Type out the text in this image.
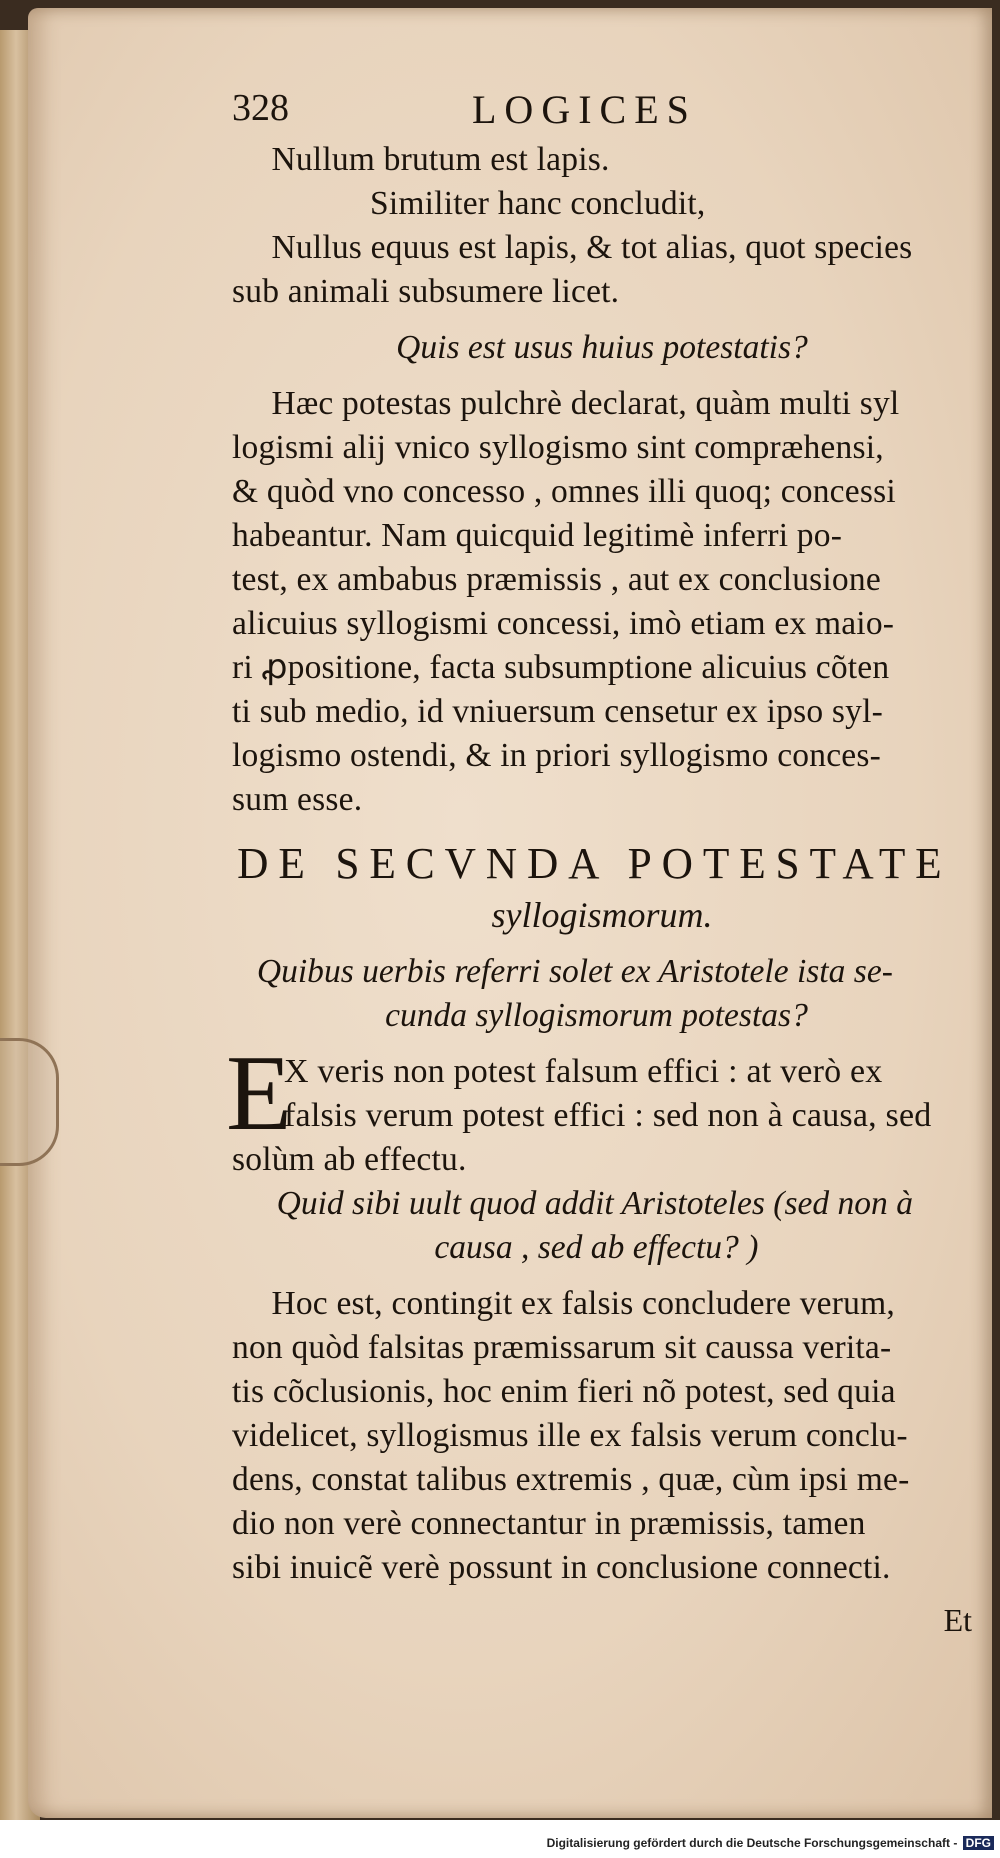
328	LOGICES
Nullum brutum est lapis.
Similiter hanc concludit,
Nullus equus est lapis, & tot alias, quot species
sub animali subsumere licet.
Quis est usus huius potestatis?
Hæc potestas pulchrè declarat, quàm multi syl
logismi alij vnico syllogismo sint compræhensi,
& quòd vno concesso , omnes illi quoq; concessi
habeantur. Nam quicquid legitimè inferri po-
test, ex ambabus præmissis , aut ex conclusione
alicuius syllogismi concessi, imò etiam ex maio-
ri ꝓpositione, facta subsumptione alicuius cõten
ti sub medio, id vniuersum censetur ex ipso syl-
logismo ostendi, & in priori syllogismo conces-
sum esse.
DE SECVNDA POTESTATE
syllogismorum.
Quibus uerbis referri solet ex Aristotele ista se-
cunda syllogismorum potestas?
E
X veris non potest falsum effici : at verò ex
falsis verum potest effici : sed non à causa, sed
solùm ab effectu.
Quid sibi uult quod addit Aristoteles (sed non à
causa , sed ab effectu? )
Hoc est, contingit ex falsis concludere verum,
non quòd falsitas præmissarum sit caussa verita-
tis cõclusionis, hoc enim fieri nõ potest, sed quia
videlicet, syllogismus ille ex falsis verum conclu-
dens, constat talibus extremis , quæ, cùm ipsi me-
dio non verè connectantur in præmissis, tamen
sibi inuicẽ verè possunt in conclusione connecti.
Et
Digitalisierung gefördert durch die Deutsche Forschungsgemeinschaft - DFG
